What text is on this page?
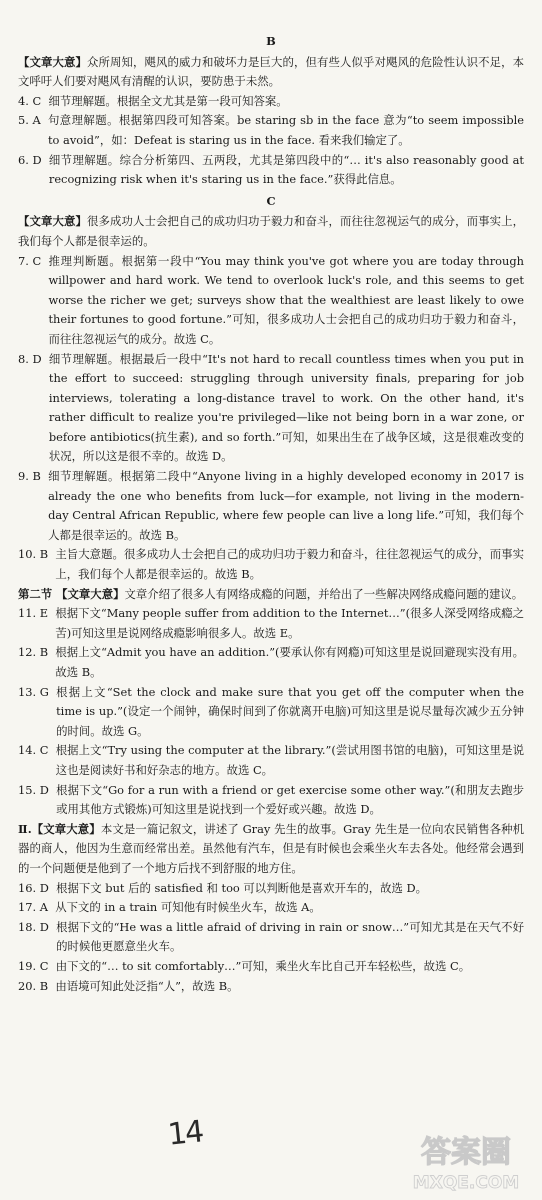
B

【文章大意】众所周知，飓风的威力和破坏力是巨大的，但有些人似乎对飓风的危险性认识不足，本文呼吁人们要对飓风有清醒的认识，要防患于未然。

4. C
细节理解题。根据全文尤其是第一段可知答案。
5. A
句意理解题。根据第四段可知答案。be staring sb in the face 意为“to seem impossible to avoid”，如：Defeat is staring us in the face. 看来我们输定了。
6. D
细节理解题。综合分析第四、五两段，尤其是第四段中的“… it's also reasonably good at recognizing risk when it's staring us in the face.”获得此信息。
C

【文章大意】很多成功人士会把自己的成功归功于毅力和奋斗，而往往忽视运气的成分，而事实上，我们每个人都是很幸运的。

7. C
推理判断题。根据第一段中“You may think you've got where you are today through willpower and hard work. We tend to overlook luck's role, and this seems to get worse the richer we get; surveys show that the wealthiest are least likely to owe their fortunes to good fortune.”可知，很多成功人士会把自己的成功归功于毅力和奋斗，而往往忽视运气的成分。故选 C。
8. D
细节理解题。根据最后一段中“It's not hard to recall countless times when you put in the effort to succeed: struggling through university finals, preparing for job interviews, tolerating a long-distance travel to work. On the other hand, it's rather difficult to realize you're privileged—like not being born in a war zone, or before antibiotics(抗生素), and so forth.”可知，如果出生在了战争区域，这是很难改变的状况，所以这是很不幸的。故选 D。
9. B
细节理解题。根据第二段中“Anyone living in a highly developed economy in 2017 is already the one who benefits from luck—for example, not living in the modern-day Central African Republic, where few people can live a long life.”可知，我们每个人都是很幸运的。故选 B。
10. B
主旨大意题。很多成功人士会把自己的成功归功于毅力和奋斗，往往忽视运气的成分，而事实上，我们每个人都是很幸运的。故选 B。

第二节 【文章大意】文章介绍了很多人有网络成瘾的问题，并给出了一些解决网络成瘾问题的建议。

11. E
根据下文“Many people suffer from addition to the Internet…”(很多人深受网络成瘾之苦)可知这里是说网络成瘾影响很多人。故选 E。
12. B
根据上文“Admit you have an addition.”(要承认你有网瘾)可知这里是说回避现实没有用。故选 B。
13. G
根据上文“Set the clock and make sure that you get off the computer when the time is up.”(设定一个闹钟，确保时间到了你就离开电脑)可知这里是说尽量每次减少五分钟的时间。故选 G。
14. C
根据上文“Try using the computer at the library.”(尝试用图书馆的电脑)，可知这里是说这也是阅读好书和好杂志的地方。故选 C。
15. D
根据下文“Go for a run with a friend or get exercise some other way.”(和朋友去跑步或用其他方式锻炼)可知这里是说找到一个爱好或兴趣。故选 D。

Ⅱ.【文章大意】本文是一篇记叙文，讲述了 Gray 先生的故事。Gray 先生是一位向农民销售各种机器的商人，他因为生意而经常出差。虽然他有汽车，但是有时候也会乘坐火车去各处。他经常会遇到的一个问题便是他到了一个地方后找不到舒服的地方住。

16. D
根据下文 but 后的 satisfied 和 too 可以判断他是喜欢开车的，故选 D。
17. A
从下文的 in a train 可知他有时候坐火车，故选 A。
18. D
根据下文的“He was a little afraid of driving in rain or snow…”可知尤其是在天气不好的时候他更愿意坐火车。
19. C
由下文的“… to sit comfortably…”可知，乘坐火车比自己开车轻松些，故选 C。
20. B
由语境可知此处泛指“人”，故选 B。
14	答案圈
MXQE.COM
